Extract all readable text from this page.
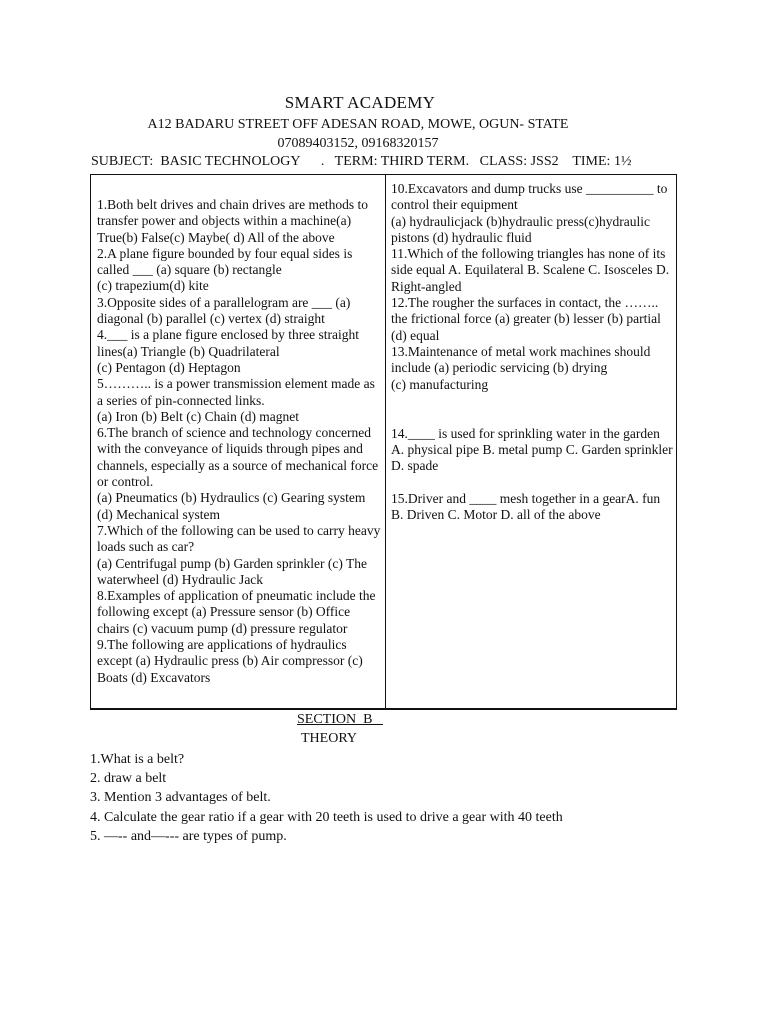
SMART ACADEMY
A12 BADARU STREET OFF ADESAN ROAD, MOWE, OGUN- STATE
07089403152, 09168320157
SUBJECT:  BASIC TECHNOLOGY      .   TERM: THIRD TERM.   CLASS: JSS2    TIME: 1½
1.Both belt drives and chain drives are methods to transfer power and objects within a machine(a) True(b) False(c) Maybe( d) All of the above
2.A plane figure bounded by four equal sides is called ___ (a) square (b) rectangle
(c) trapezium(d) kite
3.Opposite sides of a parallelogram are ___ (a) diagonal (b) parallel (c) vertex (d) straight
4.___ is a plane figure enclosed by three straight lines(a) Triangle (b) Quadrilateral
(c) Pentagon (d) Heptagon
5……….. is a power transmission element made as a series of pin-connected links.
(a) Iron (b) Belt (c) Chain (d) magnet
6.The branch of science and technology concerned with the conveyance of liquids through pipes and channels, especially as a source of mechanical force or control.
(a) Pneumatics (b) Hydraulics (c) Gearing system (d) Mechanical system
7.Which of the following can be used to carry heavy loads such as car?
(a) Centrifugal pump (b) Garden sprinkler (c) The waterwheel (d) Hydraulic Jack
8.Examples of application of pneumatic include the following except (a) Pressure sensor (b) Office chairs (c) vacuum pump (d) pressure regulator
9.The following are applications of hydraulics except (a) Hydraulic press (b) Air compressor (c) Boats (d) Excavators
10.Excavators and dump trucks use __________ to control their equipment
(a) hydraulicjack (b)hydraulic press(c)hydraulic pistons (d) hydraulic fluid
11.Which of the following triangles has none of its side equal A. Equilateral B. Scalene C. Isosceles D. Right-angled
12.The rougher the surfaces in contact, the …….. the frictional force (a) greater (b) lesser (b) partial (d) equal
13.Maintenance of metal work machines should include (a) periodic servicing (b) drying
(c) manufacturing
14.____ is used for sprinkling water in the garden A. physical pipe B. metal pump C. Garden sprinkler D. spade
15.Driver and ____ mesh together in a gearA. fun B. Driven C. Motor D. all of the above
SECTION  B
THEORY
1.What is a belt?
2. draw a belt
3. Mention 3 advantages of belt.
4. Calculate the gear ratio if a gear with 20 teeth is used to drive a gear with 40 teeth
5. —-- and—--- are types of pump.
